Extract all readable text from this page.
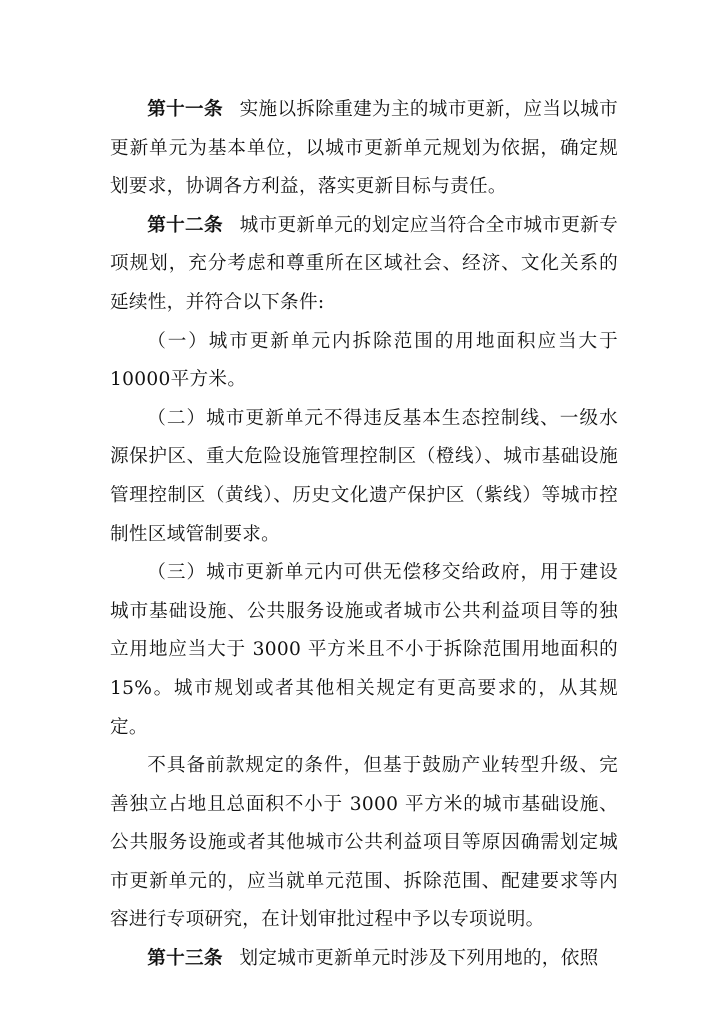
第十一条 实施以拆除重建为主的城市更新，应当以城市更新单元为基本单位，以城市更新单元规划为依据，确定规划要求，协调各方利益，落实更新目标与责任。

第十二条 城市更新单元的划定应当符合全市城市更新专项规划，充分考虑和尊重所在区域社会、经济、文化关系的延续性，并符合以下条件:

（一）城市更新单元内拆除范围的用地面积应当大于10000平方米。

（二）城市更新单元不得违反基本生态控制线、一级水源保护区、重大危险设施管理控制区（橙线）、城市基础设施管理控制区（黄线）、历史文化遗产保护区（紫线）等城市控制性区域管制要求。

（三）城市更新单元内可供无偿移交给政府，用于建设城市基础设施、公共服务设施或者城市公共利益项目等的独立用地应当大于 3000 平方米且不小于拆除范围用地面积的15%。城市规划或者其他相关规定有更高要求的，从其规定。

不具备前款规定的条件，但基于鼓励产业转型升级、完善独立占地且总面积不小于 3000 平方米的城市基础设施、公共服务设施或者其他城市公共利益项目等原因确需划定城市更新单元的，应当就单元范围、拆除范围、配建要求等内容进行专项研究，在计划审批过程中予以专项说明。

第十三条 划定城市更新单元时涉及下列用地的，依照
